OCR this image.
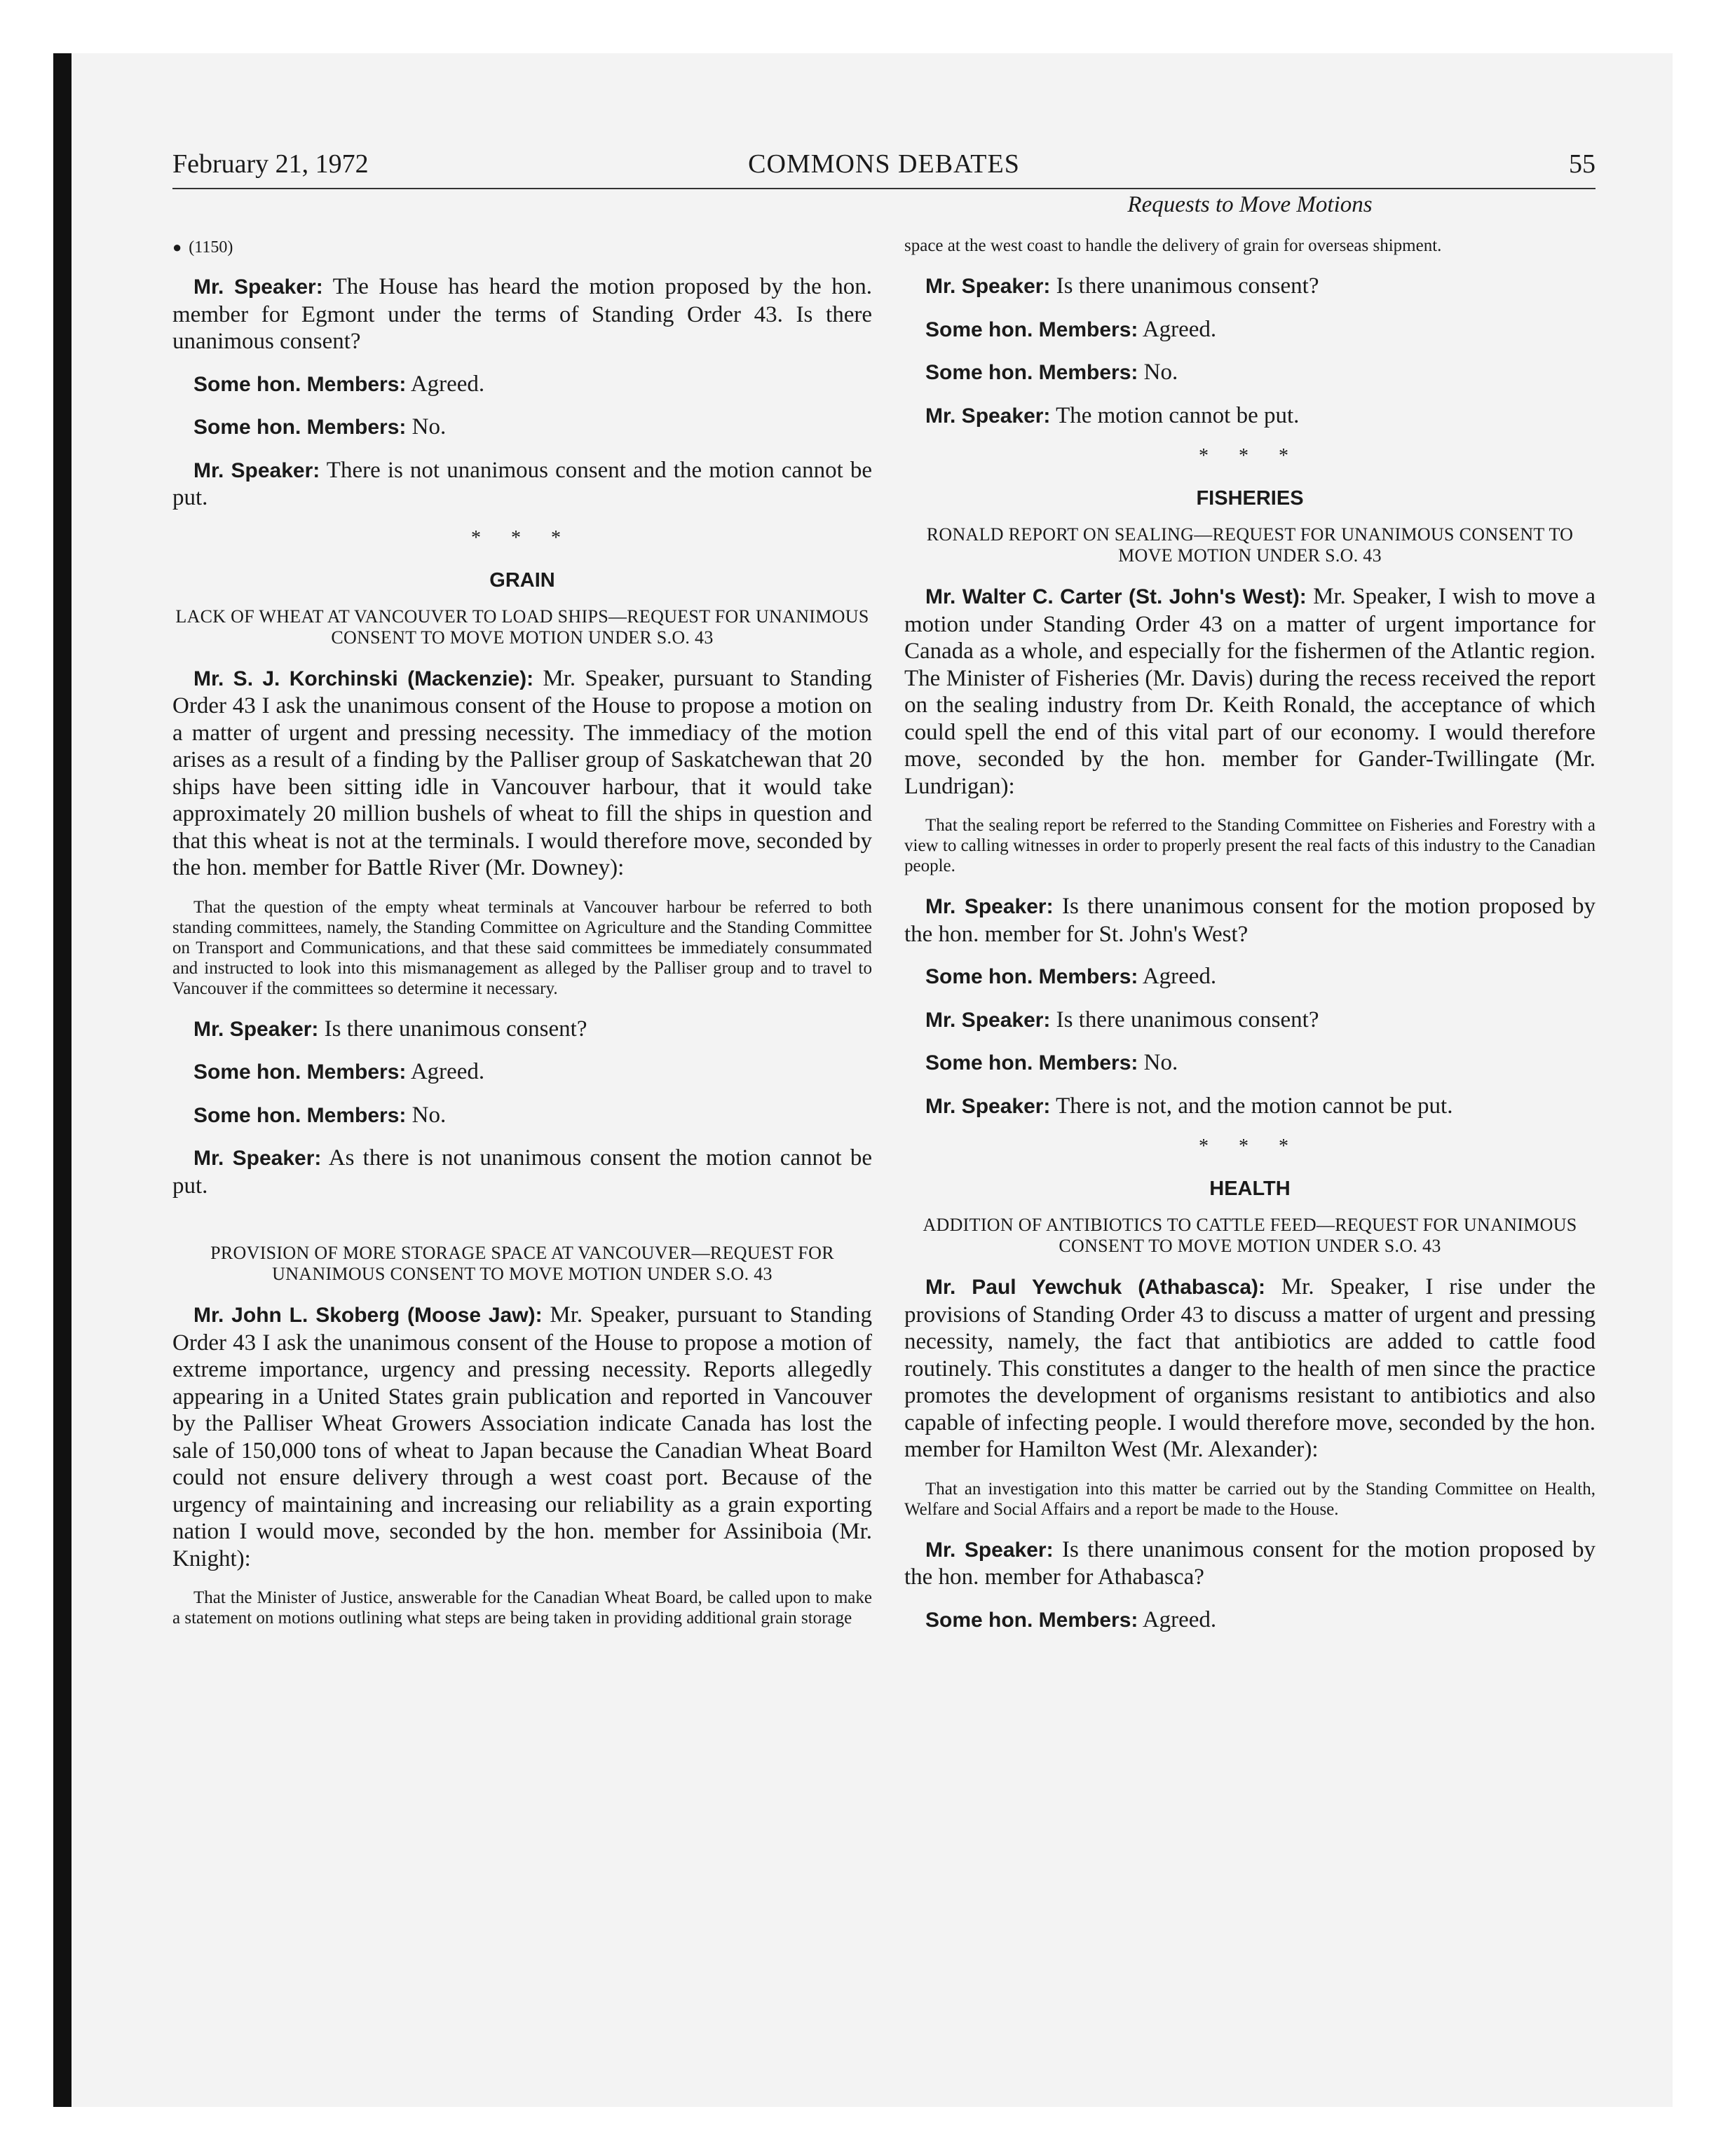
February 21, 1972	COMMONS DEBATES	55
Requests to Move Motions

● (1150)

Mr. Speaker: The House has heard the motion proposed by the hon. member for Egmont under the terms of Standing Order 43. Is there unanimous consent?

Some hon. Members: Agreed.

Some hon. Members: No.

Mr. Speaker: There is not unanimous consent and the motion cannot be put.

* * *

GRAIN

LACK OF WHEAT AT VANCOUVER TO LOAD SHIPS—REQUEST FOR UNANIMOUS CONSENT TO MOVE MOTION UNDER S.O. 43

Mr. S. J. Korchinski (Mackenzie): Mr. Speaker, pursuant to Standing Order 43 I ask the unanimous consent of the House to propose a motion on a matter of urgent and pressing necessity. The immediacy of the motion arises as a result of a finding by the Palliser group of Saskatchewan that 20 ships have been sitting idle in Vancouver harbour, that it would take approximately 20 million bushels of wheat to fill the ships in question and that this wheat is not at the terminals. I would therefore move, seconded by the hon. member for Battle River (Mr. Downey):

That the question of the empty wheat terminals at Vancouver harbour be referred to both standing committees, namely, the Standing Committee on Agriculture and the Standing Committee on Transport and Communications, and that these said committees be immediately consummated and instructed to look into this mismanagement as alleged by the Palliser group and to travel to Vancouver if the committees so determine it necessary.

Mr. Speaker: Is there unanimous consent?

Some hon. Members: Agreed.

Some hon. Members: No.

Mr. Speaker: As there is not unanimous consent the motion cannot be put.

PROVISION OF MORE STORAGE SPACE AT VANCOUVER—REQUEST FOR UNANIMOUS CONSENT TO MOVE MOTION UNDER S.O. 43

Mr. John L. Skoberg (Moose Jaw): Mr. Speaker, pursuant to Standing Order 43 I ask the unanimous consent of the House to propose a motion of extreme importance, urgency and pressing necessity. Reports allegedly appearing in a United States grain publication and reported in Vancouver by the Palliser Wheat Growers Association indicate Canada has lost the sale of 150,000 tons of wheat to Japan because the Canadian Wheat Board could not ensure delivery through a west coast port. Because of the urgency of maintaining and increasing our reliability as a grain exporting nation I would move, seconded by the hon. member for Assiniboia (Mr. Knight):

That the Minister of Justice, answerable for the Canadian Wheat Board, be called upon to make a statement on motions outlining what steps are being taken in providing additional grain storage

space at the west coast to handle the delivery of grain for overseas shipment.

Mr. Speaker: Is there unanimous consent?

Some hon. Members: Agreed.

Some hon. Members: No.

Mr. Speaker: The motion cannot be put.

* * *

FISHERIES

RONALD REPORT ON SEALING—REQUEST FOR UNANIMOUS CONSENT TO MOVE MOTION UNDER S.O. 43

Mr. Walter C. Carter (St. John's West): Mr. Speaker, I wish to move a motion under Standing Order 43 on a matter of urgent importance for Canada as a whole, and especially for the fishermen of the Atlantic region. The Minister of Fisheries (Mr. Davis) during the recess received the report on the sealing industry from Dr. Keith Ronald, the acceptance of which could spell the end of this vital part of our economy. I would therefore move, seconded by the hon. member for Gander-Twillingate (Mr. Lundrigan):

That the sealing report be referred to the Standing Committee on Fisheries and Forestry with a view to calling witnesses in order to properly present the real facts of this industry to the Canadian people.

Mr. Speaker: Is there unanimous consent for the motion proposed by the hon. member for St. John's West?

Some hon. Members: Agreed.

Mr. Speaker: Is there unanimous consent?

Some hon. Members: No.

Mr. Speaker: There is not, and the motion cannot be put.

* * *

HEALTH

ADDITION OF ANTIBIOTICS TO CATTLE FEED—REQUEST FOR UNANIMOUS CONSENT TO MOVE MOTION UNDER S.O. 43

Mr. Paul Yewchuk (Athabasca): Mr. Speaker, I rise under the provisions of Standing Order 43 to discuss a matter of urgent and pressing necessity, namely, the fact that antibiotics are added to cattle food routinely. This constitutes a danger to the health of men since the practice promotes the development of organisms resistant to antibiotics and also capable of infecting people. I would therefore move, seconded by the hon. member for Hamilton West (Mr. Alexander):

That an investigation into this matter be carried out by the Standing Committee on Health, Welfare and Social Affairs and a report be made to the House.

Mr. Speaker: Is there unanimous consent for the motion proposed by the hon. member for Athabasca?

Some hon. Members: Agreed.
